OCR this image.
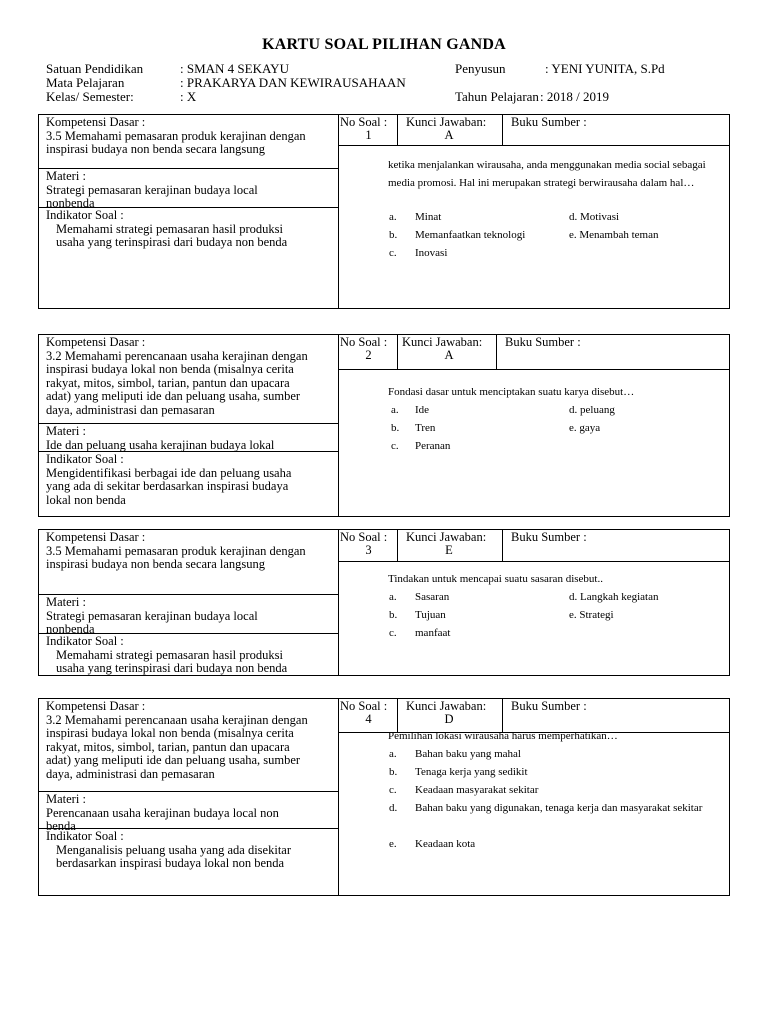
KARTU SOAL PILIHAN GANDA
Satuan Pendidikan	: SMAN 4 SEKAYU
Mata Pelajaran	: PRAKARYA DAN KEWIRAUSAHAAN
Kelas/ Semester:	: X
Penyusun	: YENI YUNITA, S.Pd
Tahun Pelajaran : 2018 / 2019
Kompetensi Dasar :
3.5 Memahami pemasaran produk kerajinan dengan
inspirasi budaya non benda secara langsung
Materi :
Strategi pemasaran kerajinan budaya local
nonbenda
Indikator Soal :
Memahami strategi pemasaran hasil produksi
usaha yang terinspirasi dari budaya non benda
No Soal :
1
Kunci Jawaban:
A
Buku Sumber :
ketika menjalankan wirausaha, anda menggunakan media social sebagai media promosi. Hal ini merupakan strategi berwirausaha dalam hal…
a. Minat
b. Memanfaatkan teknologi
c. Inovasi
d. Motivasi
e. Menambah teman
Kompetensi Dasar :
3.2 Memahami perencanaan usaha kerajinan dengan
inspirasi budaya lokal non benda (misalnya cerita
rakyat, mitos, simbol, tarian, pantun dan upacara
adat) yang meliputi ide dan peluang usaha, sumber
daya, administrasi dan pemasaran
Materi :
Ide dan peluang usaha kerajinan budaya lokal
Indikator Soal :
Mengidentifikasi berbagai ide dan peluang usaha
yang ada di sekitar berdasarkan inspirasi budaya
lokal non benda
No Soal :
2
Kunci Jawaban:
A
Buku Sumber :
Fondasi dasar untuk menciptakan suatu karya disebut…
a. Ide
b. Tren
c. Peranan
d. peluang
e. gaya
Kompetensi Dasar :
3.5 Memahami pemasaran produk kerajinan dengan
inspirasi budaya non benda secara langsung
Materi :
Strategi pemasaran kerajinan budaya local
nonbenda
Indikator Soal :
Memahami strategi pemasaran hasil produksi
usaha yang terinspirasi dari budaya non benda
No Soal :
3
Kunci Jawaban:
E
Buku Sumber :
Tindakan untuk mencapai suatu sasaran disebut..
a. Sasaran
b. Tujuan
c. manfaat
d. Langkah kegiatan
e. Strategi
Kompetensi Dasar :
3.2 Memahami perencanaan usaha kerajinan dengan
inspirasi budaya lokal non benda (misalnya cerita
rakyat, mitos, simbol, tarian, pantun dan upacara
adat) yang meliputi ide dan peluang usaha, sumber
daya, administrasi dan pemasaran
Materi :
Perencanaan usaha kerajinan budaya local non
benda
Indikator Soal :
Menganalisis peluang usaha yang ada disekitar
berdasarkan inspirasi budaya lokal non benda
No Soal :
4
Kunci Jawaban:
D
Buku Sumber :
Pemilihan lokasi wirausaha harus memperhatikan…
a. Bahan baku yang mahal
b. Tenaga kerja yang sedikit
c. Keadaan masyarakat sekitar
d. Bahan baku yang digunakan, tenaga kerja dan masyarakat sekitar
e. Keadaan kota
